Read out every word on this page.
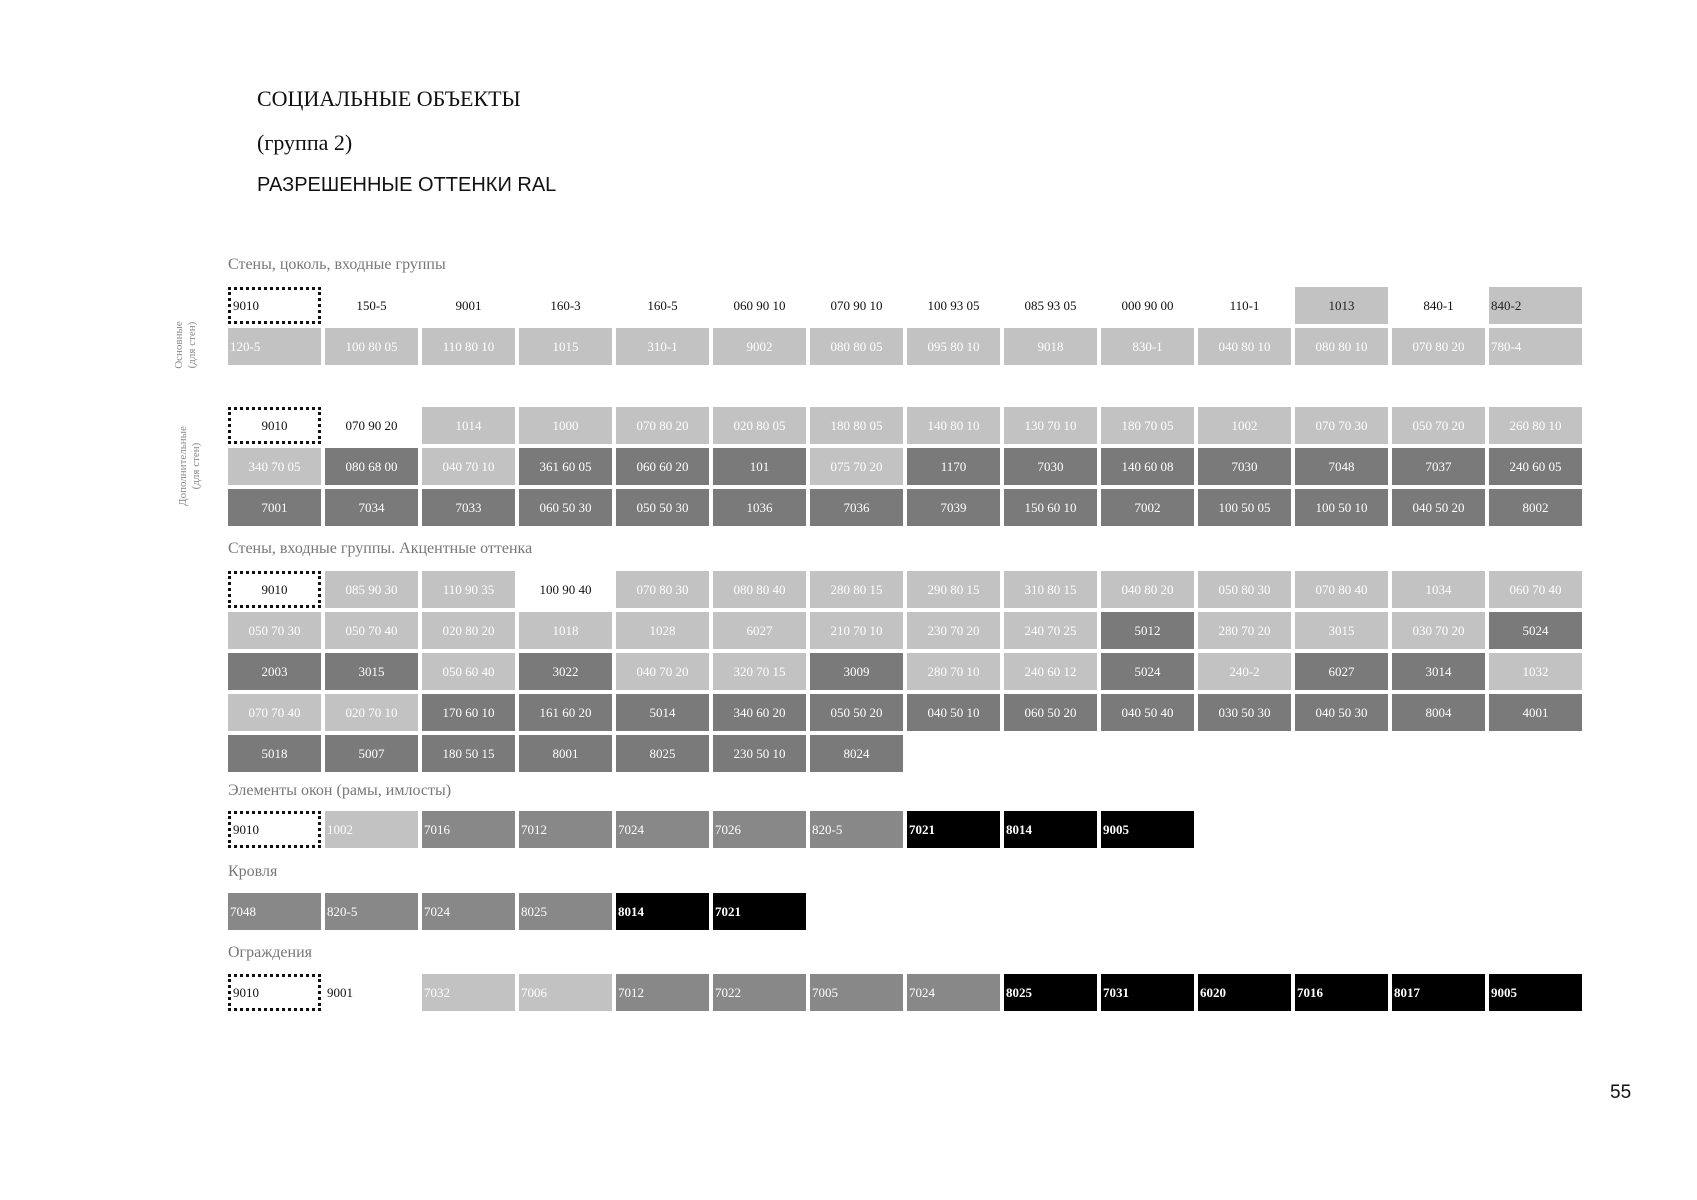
СОЦИАЛЬНЫЕ ОБЪЕКТЫ
(группа 2)
РАЗРЕШЕННЫЕ ОТТЕНКИ RAL
Стены, цоколь, входные группы
Основные
(для стен)
9010	150-5	9001	160-3	160-5	060 90 10	070 90 10	100 93 05	085 93 05	000 90 00	110-1	1013	840-1	840-2
120-5	100 80 05	110 80 10	1015	310-1	9002	080 80 05	095 80 10	9018	830-1	040 80 10	080 80 10	070 80 20	780-4
Дополнительные
(для стен)
9010	070 90 20	1014	1000	070 80 20	020 80 05	180 80 05	140 80 10	130 70 10	180 70 05	1002	070 70 30	050 70 20	260 80 10
340 70 05	080 68 00	040 70 10	361 60 05	060 60 20	101	075 70 20	1170	7030	140 60 08	7030	7048	7037	240 60 05
7001	7034	7033	060 50 30	050 50 30	1036	7036	7039	150 60 10	7002	100 50 05	100 50 10	040 50 20	8002
Стены, входные группы. Акцентные оттенка
9010	085 90 30	110 90 35	100 90 40	070 80 30	080 80 40	280 80 15	290 80 15	310 80 15	040 80 20	050 80 30	070 80 40	1034	060 70 40
050 70 30	050 70 40	020 80 20	1018	1028	6027	210 70 10	230 70 20	240 70 25	5012	280 70 20	3015	030 70 20	5024
2003	3015	050 60 40	3022	040 70 20	320 70 15	3009	280 70 10	240 60 12	5024	240-2	6027	3014	1032
070 70 40	020 70 10	170 60 10	161 60 20	5014	340 60 20	050 50 20	040 50 10	060 50 20	040 50 40	030 50 30	040 50 30	8004	4001
5018	5007	180 50 15	8001	8025	230 50 10	8024
Элементы окон (рамы, имлосты)
9010	1002	7016	7012	7024	7026	820-5	7021	8014	9005
Кровля
7048	820-5	7024	8025	8014	7021
Ограждения
9010	9001	7032	7006	7012	7022	7005	7024	8025	7031	6020	7016	8017	9005
55
